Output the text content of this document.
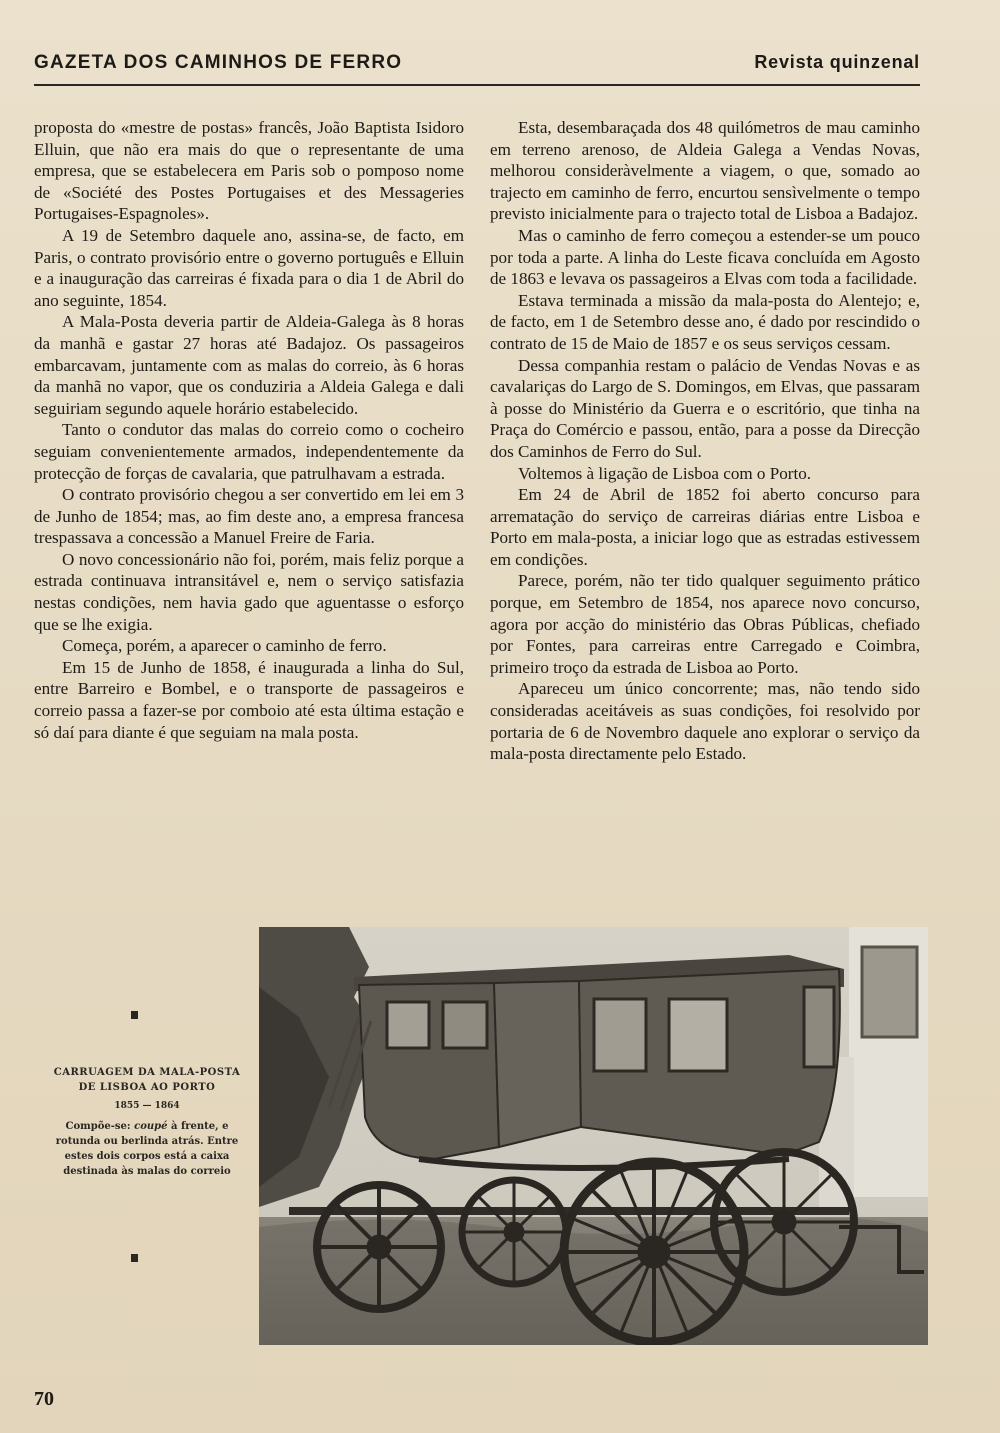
GAZETA DOS CAMINHOS DE FERRO	Revista quinzenal

proposta do «mestre de postas» francês, João Baptista Isidoro Elluin, que não era mais do que o representante de uma empresa, que se estabelecera em Paris sob o pomposo nome de «Société des Postes Portugaises et des Messageries Portugaises-Espagnoles».

A 19 de Setembro daquele ano, assina-se, de facto, em Paris, o contrato provisório entre o governo português e Elluin e a inauguração das carreiras é fixada para o dia 1 de Abril do ano seguinte, 1854.

A Mala-Posta deveria partir de Aldeia-Galega às 8 horas da manhã e gastar 27 horas até Badajoz. Os passageiros embarcavam, juntamente com as malas do correio, às 6 horas da manhã no vapor, que os conduziria a Aldeia Galega e dali seguiriam segundo aquele horário estabelecido.

Tanto o condutor das malas do correio como o cocheiro seguiam convenientemente armados, independentemente da protecção de forças de cavalaria, que patrulhavam a estrada.

O contrato provisório chegou a ser convertido em lei em 3 de Junho de 1854; mas, ao fim deste ano, a empresa francesa trespassava a concessão a Manuel Freire de Faria.

O novo concessionário não foi, porém, mais feliz porque a estrada continuava intransitável e, nem o serviço satisfazia nestas condições, nem havia gado que aguentasse o esforço que se lhe exigia.

Começa, porém, a aparecer o caminho de ferro.

Em 15 de Junho de 1858, é inaugurada a linha do Sul, entre Barreiro e Bombel, e o transporte de passageiros e correio passa a fazer-se por comboio até esta última estação e só daí para diante é que seguiam na mala posta.

Esta, desembaraçada dos 48 quilómetros de mau caminho em terreno arenoso, de Aldeia Galega a Vendas Novas, melhorou consideràvelmente a viagem, o que, somado ao trajecto em caminho de ferro, encurtou sensìvelmente o tempo previsto inicialmente para o trajecto total de Lisboa a Badajoz.

Mas o caminho de ferro começou a estender-se um pouco por toda a parte. A linha do Leste ficava concluída em Agosto de 1863 e levava os passageiros a Elvas com toda a facilidade.

Estava terminada a missão da mala-posta do Alentejo; e, de facto, em 1 de Setembro desse ano, é dado por rescindido o contrato de 15 de Maio de 1857 e os seus serviços cessam.

Dessa companhia restam o palácio de Vendas Novas e as cavalariças do Largo de S. Domingos, em Elvas, que passaram à posse do Ministério da Guerra e o escritório, que tinha na Praça do Comércio e passou, então, para a posse da Direcção dos Caminhos de Ferro do Sul.

Voltemos à ligação de Lisboa com o Porto.

Em 24 de Abril de 1852 foi aberto concurso para arrematação do serviço de carreiras diárias entre Lisboa e Porto em mala-posta, a iniciar logo que as estradas estivessem em condições.

Parece, porém, não ter tido qualquer seguimento prático porque, em Setembro de 1854, nos aparece novo concurso, agora por acção do ministério das Obras Públicas, chefiado por Fontes, para carreiras entre Carregado e Coimbra, primeiro troço da estrada de Lisboa ao Porto.

Apareceu um único concorrente; mas, não tendo sido consideradas aceitáveis as suas condições, foi resolvido por portaria de 6 de Novembro daquele ano explorar o serviço da mala-posta directamente pelo Estado.

CARRUAGEM DA MALA-POSTA
DE LISBOA AO PORTO
1855 — 1864
Compõe-se: coupé à frente, e rotunda ou berlinda atrás. Entre estes dois corpos está a caixa destinada às malas do correio
70
